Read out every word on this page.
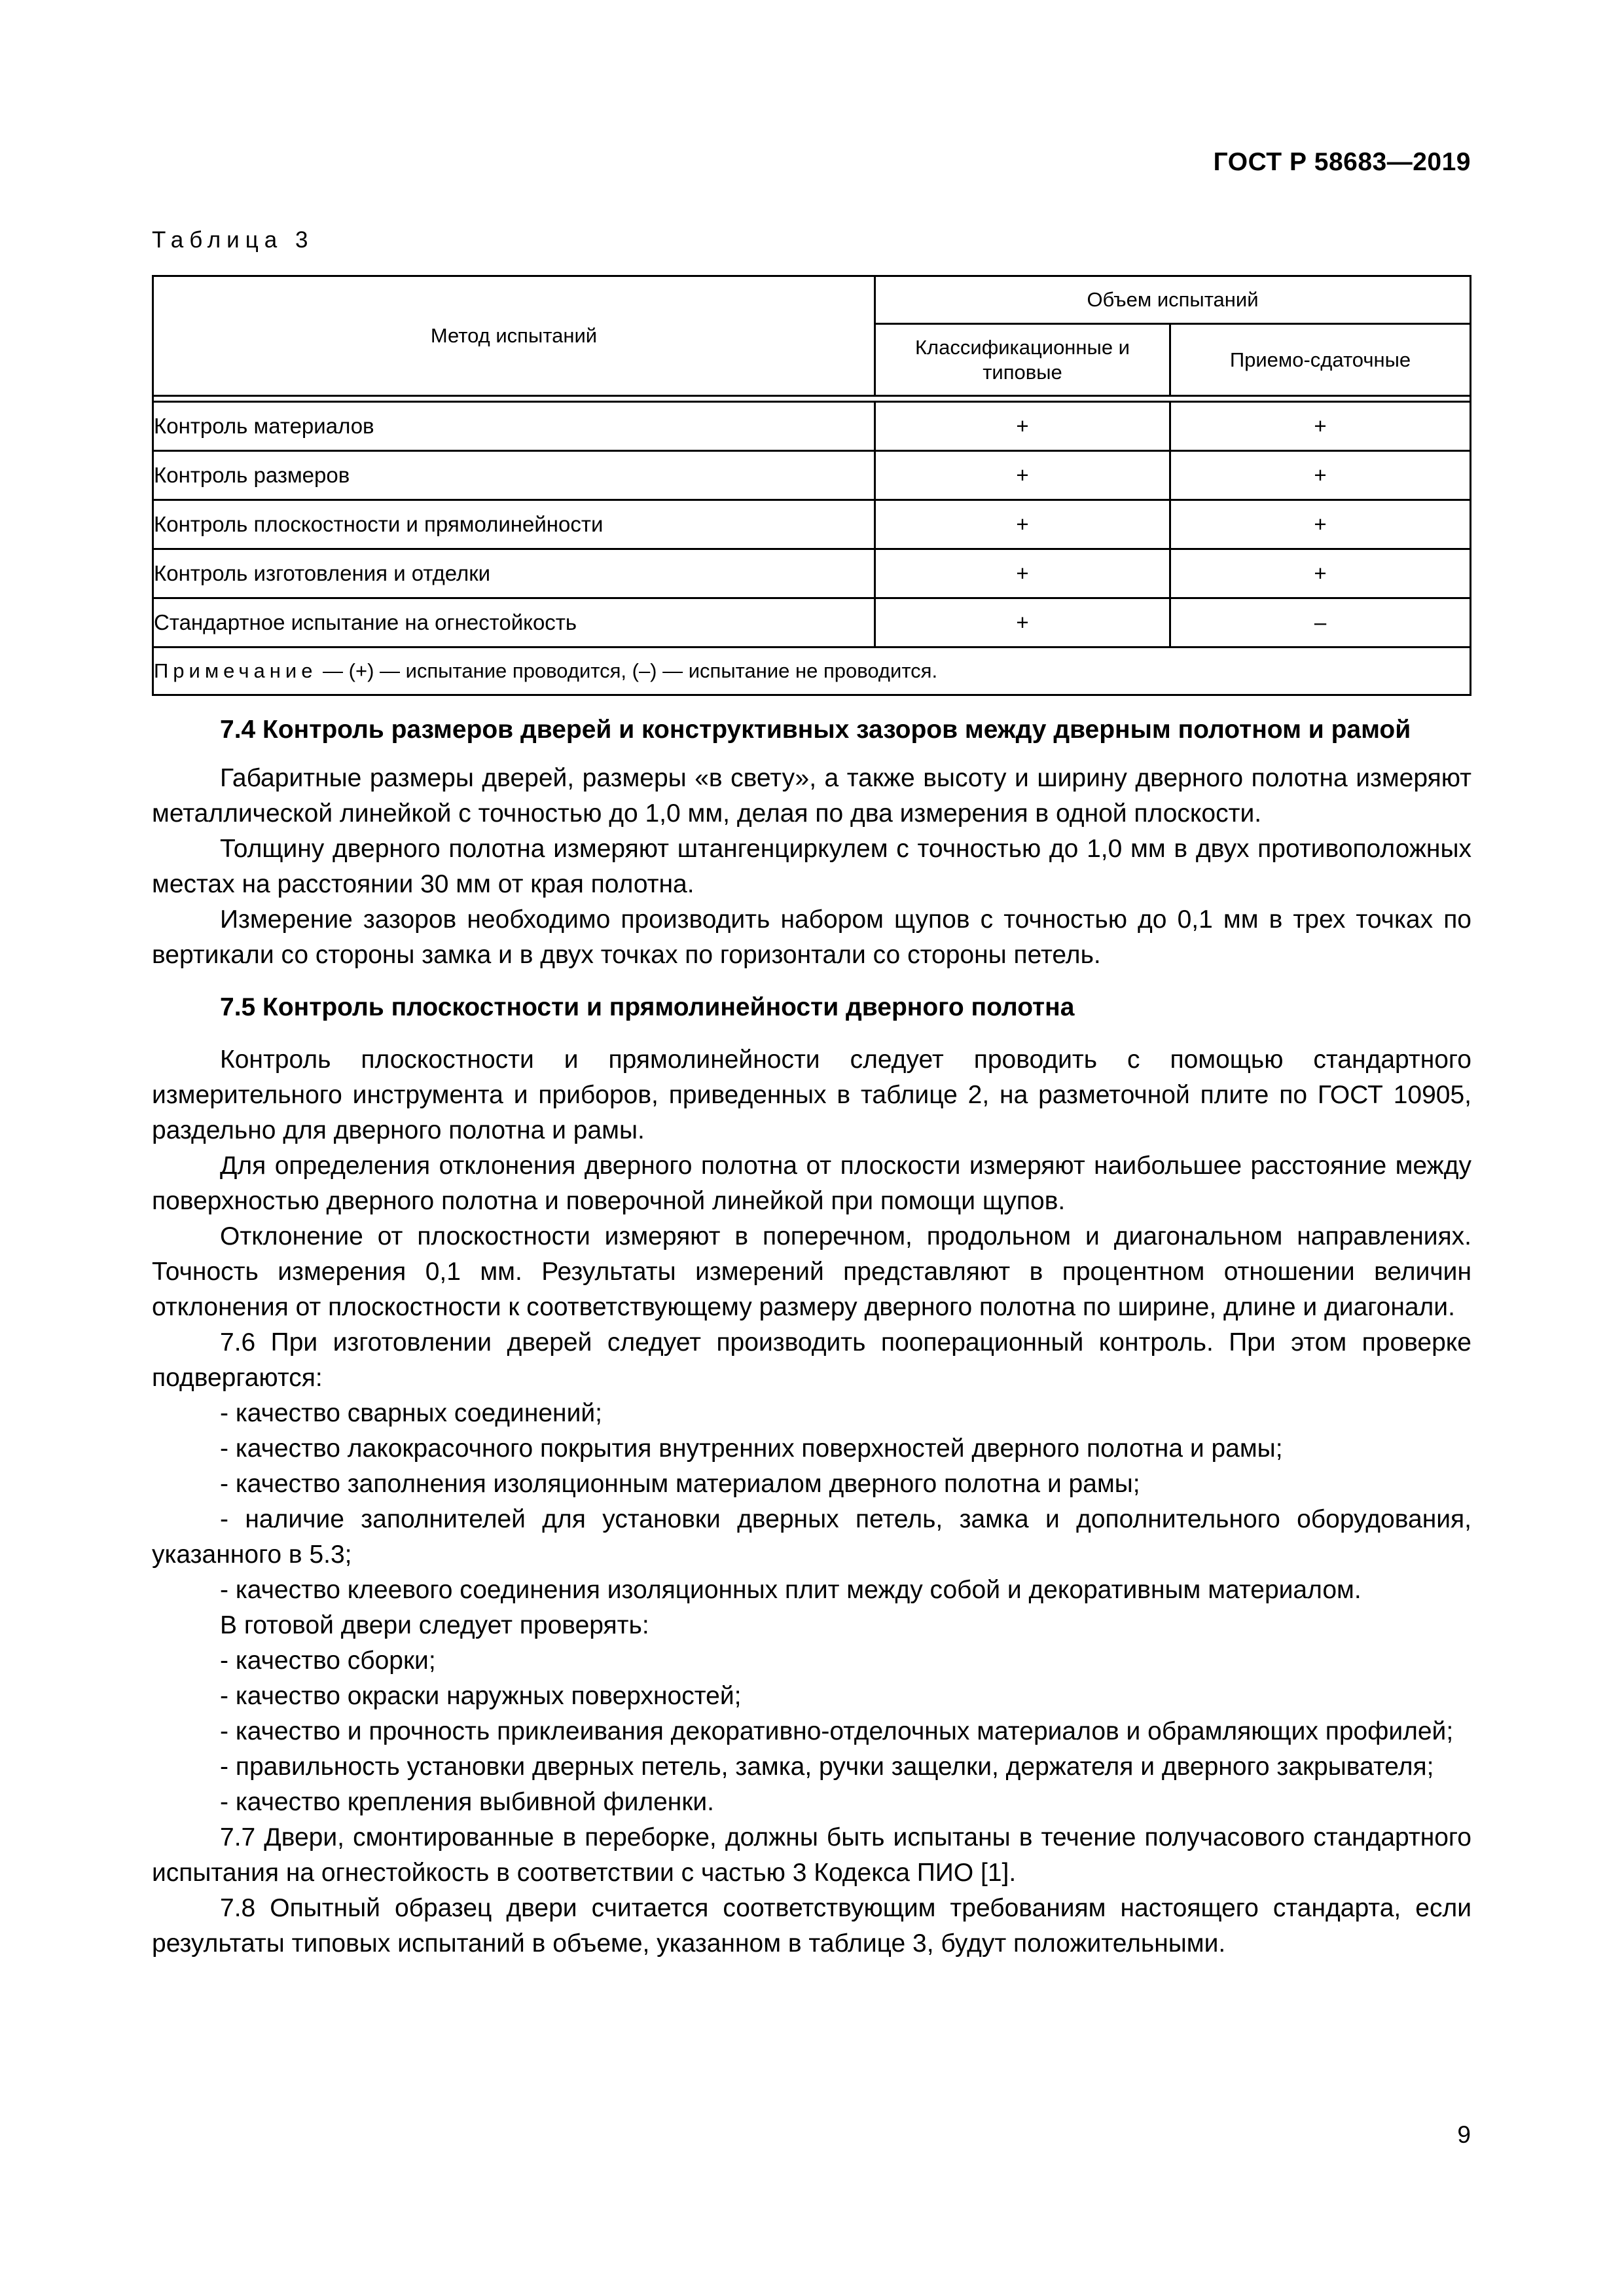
ГОСТ Р 58683—2019
Таблица 3
Метод испытаний	Объем испытаний	
	Классификационные и типовые	Приемо-сдаточные

Контроль материалов	+	+
Контроль размеров	+	+
Контроль плоскостности и прямолинейности	+	+
Контроль изготовления и отделки	+	+
Стандартное испытание на огнестойкость	+	–
Примечание — (+) — испытание проводится, (–) — испытание не проводится.		
7.4 Контроль размеров дверей и конструктивных зазоров между дверным полотном и рамой

Габаритные размеры дверей, размеры «в свету», а также высоту и ширину дверного полотна измеряют металлической линейкой с точностью до 1,0 мм, делая по два измерения в одной плоскости.

Толщину дверного полотна измеряют штангенциркулем с точностью до 1,0 мм в двух противоположных местах на расстоянии 30 мм от края полотна.

Измерение зазоров необходимо производить набором щупов с точностью до 0,1 мм в трех точках по вертикали со стороны замка и в двух точках по горизонтали со стороны петель.

7.5 Контроль плоскостности и прямолинейности дверного полотна

Контроль плоскостности и прямолинейности следует проводить с помощью стандартного измерительного инструмента и приборов, приведенных в таблице 2, на разметочной плите по ГОСТ 10905, раздельно для дверного полотна и рамы.

Для определения отклонения дверного полотна от плоскости измеряют наибольшее расстояние между поверхностью дверного полотна и поверочной линейкой при помощи щупов.

Отклонение от плоскостности измеряют в поперечном, продольном и диагональном направлениях. Точность измерения 0,1 мм. Результаты измерений представляют в процентном отношении величин отклонения от плоскостности к соответствующему размеру дверного полотна по ширине, длине и диагонали.

7.6 При изготовлении дверей следует производить пооперационный контроль. При этом проверке подвергаются:

- качество сварных соединений;

- качество лакокрасочного покрытия внутренних поверхностей дверного полотна и рамы;

- качество заполнения изоляционным материалом дверного полотна и рамы;

- наличие заполнителей для установки дверных петель, замка и дополнительного оборудования, указанного в 5.3;

- качество клеевого соединения изоляционных плит между собой и декоративным материалом.

В готовой двери следует проверять:

- качество сборки;

- качество окраски наружных поверхностей;

- качество и прочность приклеивания декоративно-отделочных материалов и обрамляющих профилей;

- правильность установки дверных петель, замка, ручки защелки, держателя и дверного закрывателя;

- качество крепления выбивной филенки.

7.7 Двери, смонтированные в переборке, должны быть испытаны в течение получасового стандартного испытания на огнестойкость в соответствии с частью 3 Кодекса ПИО [1].

7.8 Опытный образец двери считается соответствующим требованиям настоящего стандарта, если результаты типовых испытаний в объеме, указанном в таблице 3, будут положительными.

9
